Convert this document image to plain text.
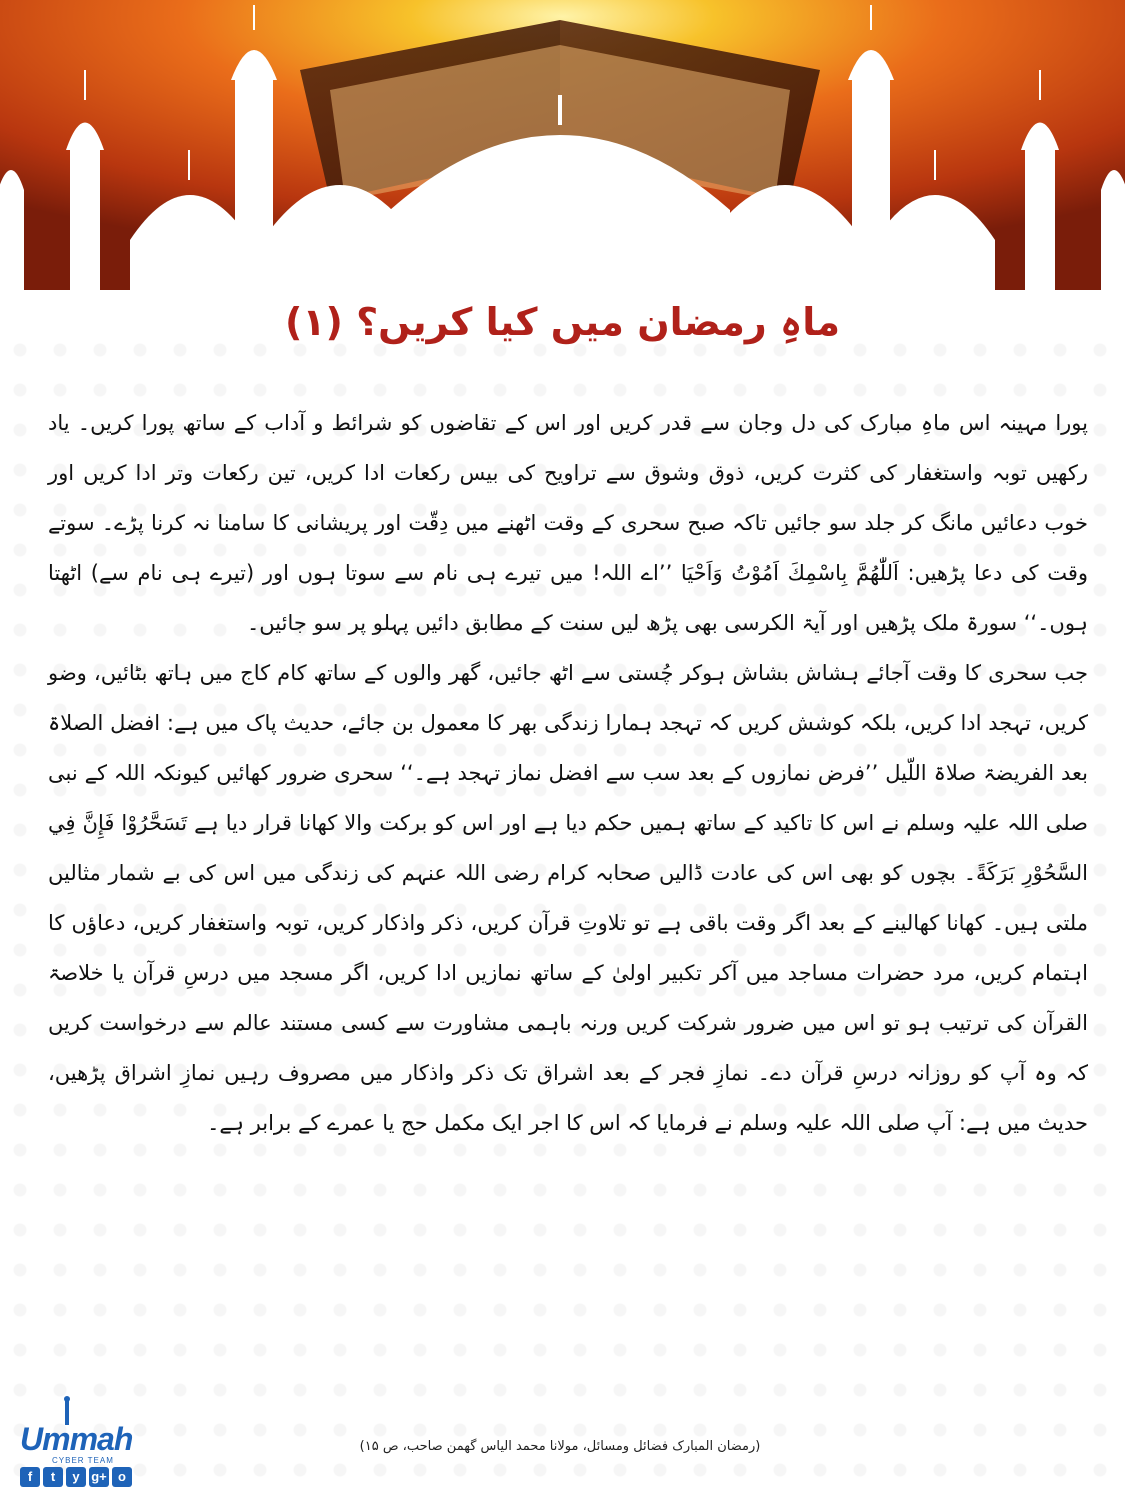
ماہِ رمضان میں کیا کریں؟ (۱)

پورا مہینہ اس ماہِ مبارک کی دل وجان سے قدر کریں اور اس کے تقاضوں کو شرائط و آداب کے ساتھ پورا کریں۔ یاد رکھیں توبہ واستغفار کی کثرت کریں، ذوق وشوق سے تراویح کی بیس رکعات ادا کریں، تین رکعات وتر ادا کریں اور خوب دعائیں مانگ کر جلد سو جائیں تاکہ صبح سحری کے وقت اٹھنے میں دِقّت اور پریشانی کا سامنا نہ کرنا پڑے۔ سوتے وقت کی دعا پڑھیں: اَللّٰھُمَّ بِاسْمِكَ اَمُوْتُ وَاَحْیَا ’’اے اللہ! میں تیرے ہی نام سے سوتا ہوں اور (تیرے ہی نام سے) اٹھتا ہوں۔‘‘ سورۃ ملک پڑھیں اور آیۃ الکرسی بھی پڑھ لیں سنت کے مطابق دائیں پہلو پر سو جائیں۔

جب سحری کا وقت آجائے ہشاش بشاش ہوکر چُستی سے اٹھ جائیں، گھر والوں کے ساتھ کام کاج میں ہاتھ بٹائیں، وضو کریں، تہجد ادا کریں، بلکہ کوشش کریں کہ تہجد ہمارا زندگی بھر کا معمول بن جائے، حدیث پاک میں ہے: افضل الصلاۃ بعد الفریضۃ صلاۃ اللّیل ’’فرض نمازوں کے بعد سب سے افضل نماز تہجد ہے۔‘‘ سحری ضرور کھائیں کیونکہ اللہ کے نبی صلی اللہ علیہ وسلم نے اس کا تاکید کے ساتھ ہمیں حکم دیا ہے اور اس کو برکت والا کھانا قرار دیا ہے تَسَحَّرُوْا فَإِنَّ فِي السَّحُوْرِ بَرَكَةً۔ بچوں کو بھی اس کی عادت ڈالیں صحابہ کرام رضی اللہ عنہم کی زندگی میں اس کی بے شمار مثالیں ملتی ہیں۔ کھانا کھالینے کے بعد اگر وقت باقی ہے تو تلاوتِ قرآن کریں، ذکر واذکار کریں، توبہ واستغفار کریں، دعاؤں کا اہتمام کریں، مرد حضرات مساجد میں آکر تکبیر اولیٰ کے ساتھ نمازیں ادا کریں، اگر مسجد میں درسِ قرآن یا خلاصۃ القرآن کی ترتیب ہو تو اس میں ضرور شرکت کریں ورنہ باہمی مشاورت سے کسی مستند عالم سے درخواست کریں کہ وہ آپ کو روزانہ درسِ قرآن دے۔ نمازِ فجر کے بعد اشراق تک ذکر واذکار میں مصروف رہیں نمازِ اشراق پڑھیں، حدیث میں ہے: آپ صلی اللہ علیہ وسلم نے فرمایا کہ اس کا اجر ایک مکمل حج یا عمرے کے برابر ہے۔

(رمضان المبارک فضائل ومسائل، مولانا محمد الیاس گھمن صاحب، ص ۱۵)
Ummah
CYBER TEAM
f	t	y g+ o
